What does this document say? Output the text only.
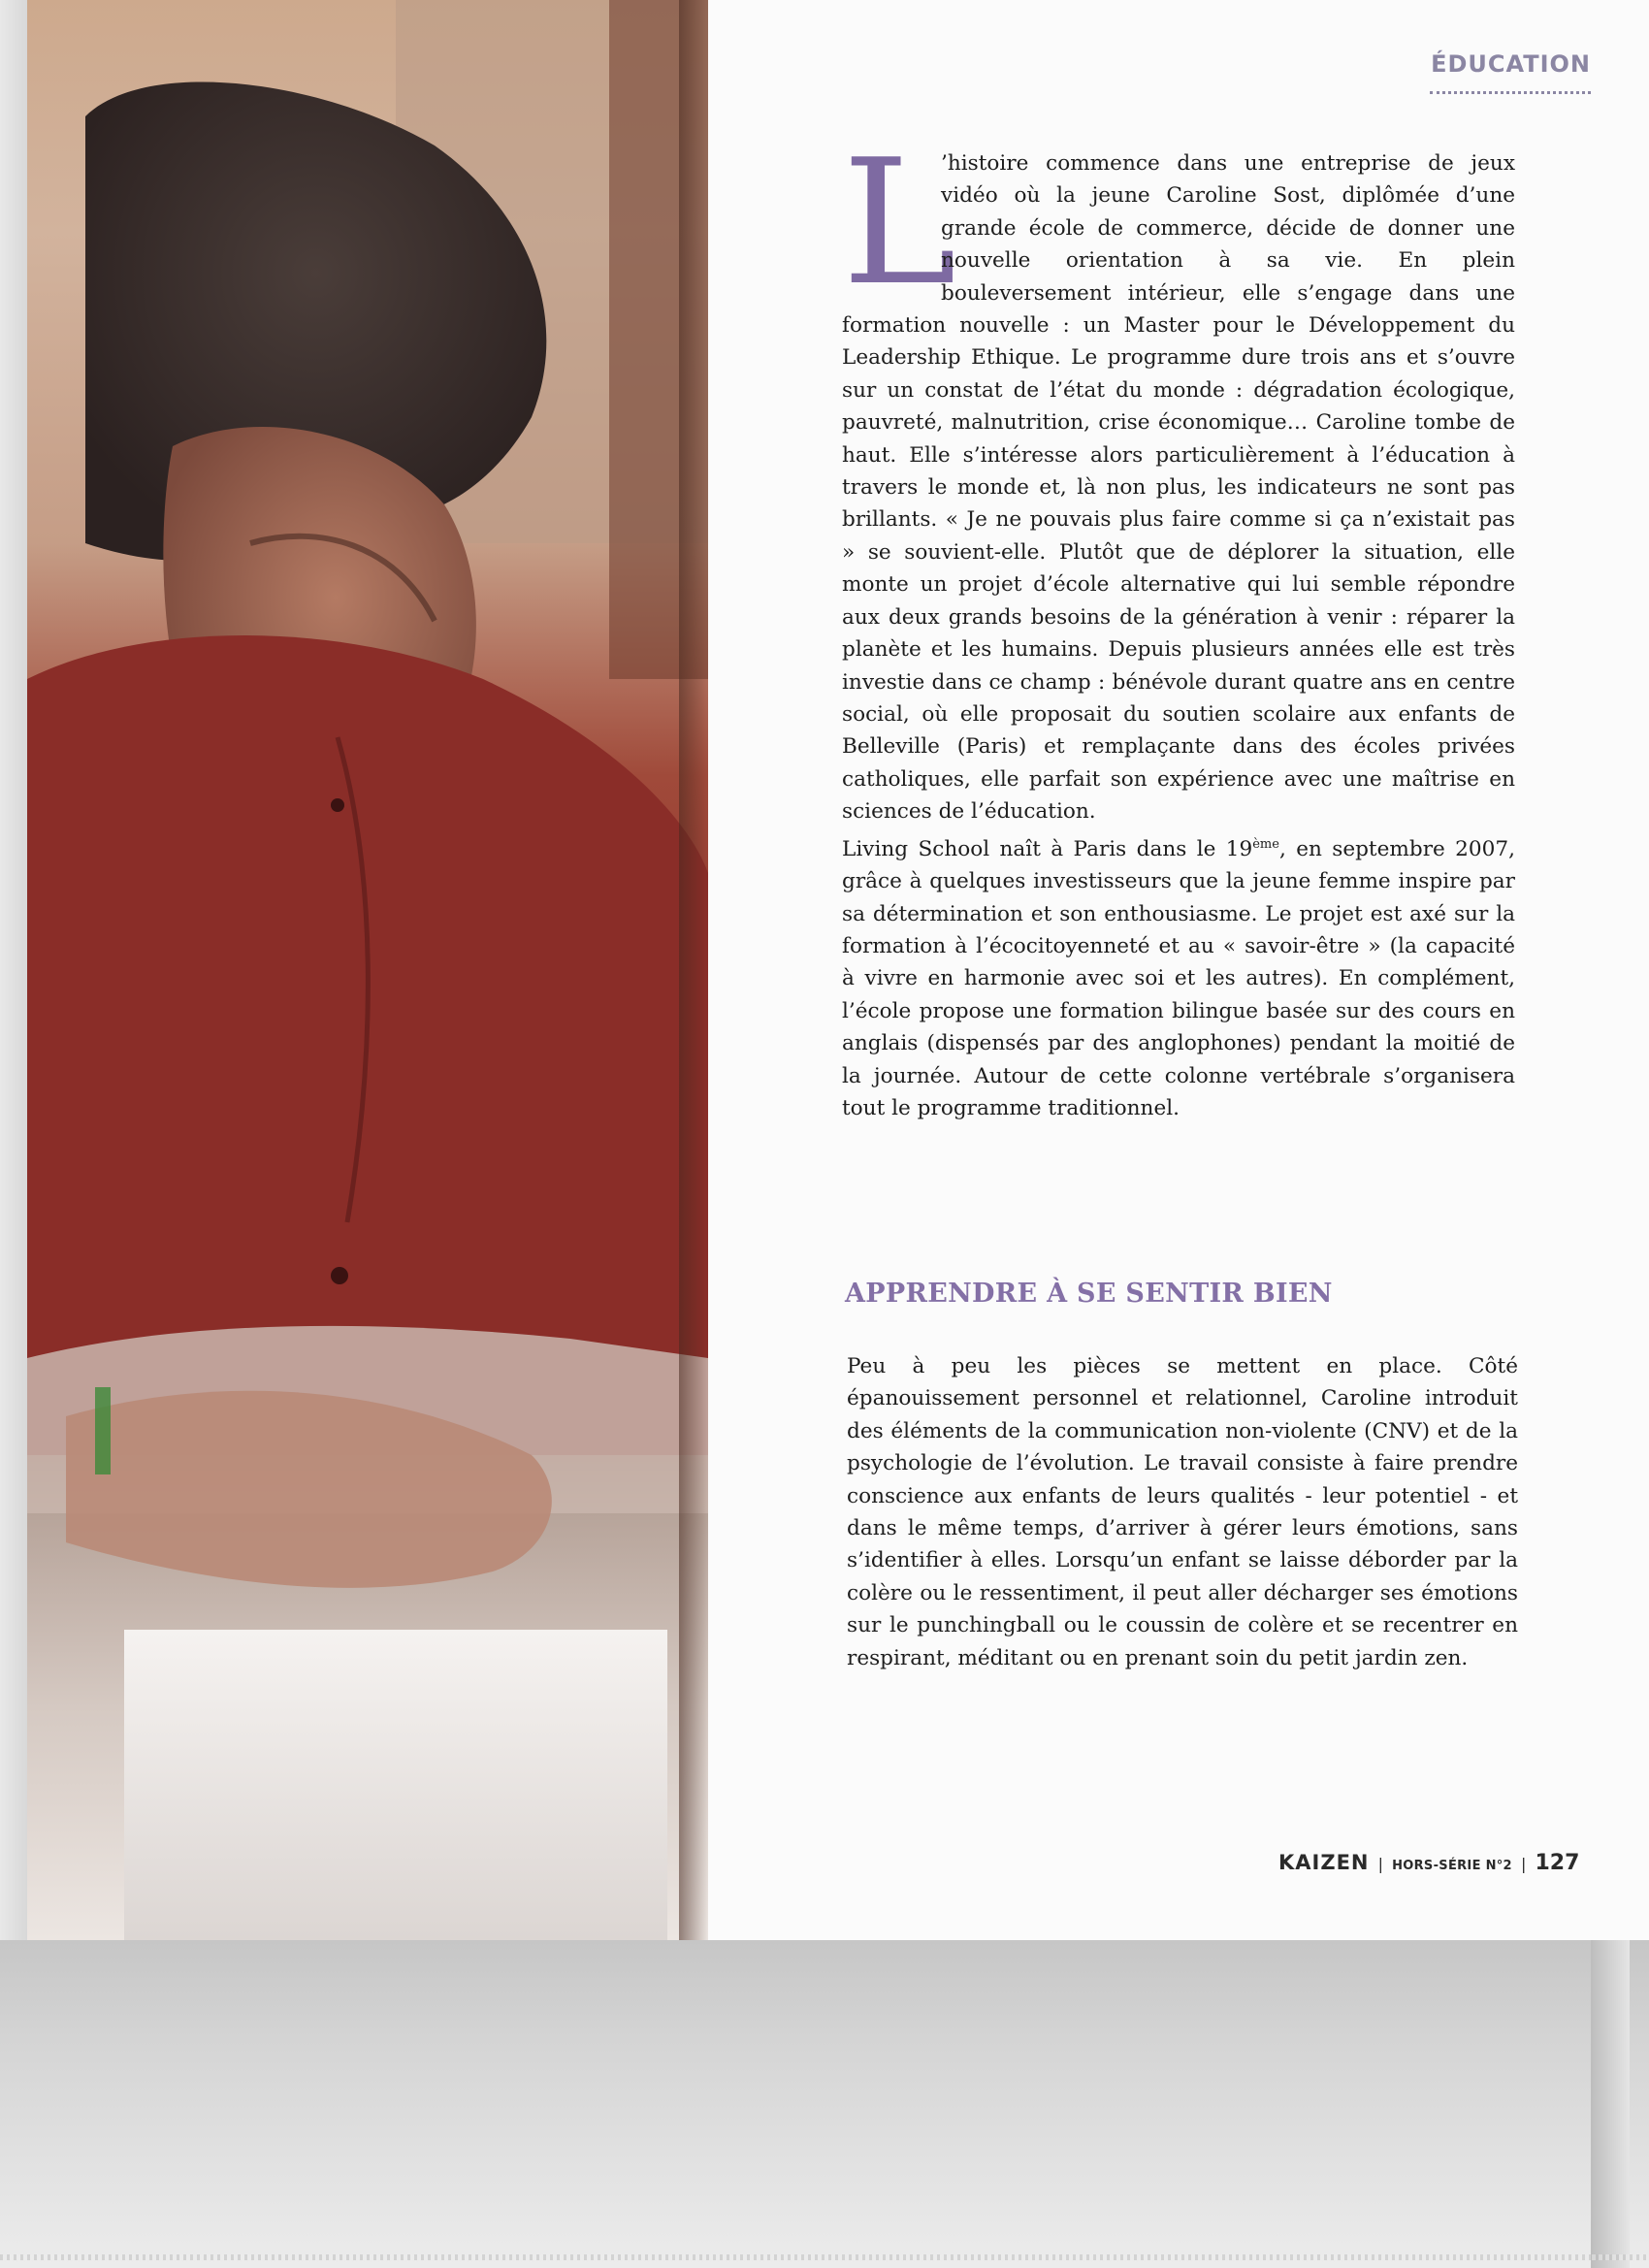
ÉDUCATION
L

’histoire commence dans une entreprise de jeux vidéo où la jeune Caroline Sost, diplômée d’une grande école de commerce, décide de donner une nouvelle orientation à sa vie. En plein bouleversement intérieur, elle s’engage dans une formation nouvelle : un Master pour le Développement du Leadership Ethique. Le programme dure trois ans et s’ouvre sur un constat de l’état du monde : dégradation écologique, pauvreté, malnutrition, crise économique… Caroline tombe de haut. Elle s’intéresse alors particulièrement à l’éducation à travers le monde et, là non plus, les indicateurs ne sont pas brillants. « Je ne pouvais plus faire comme si ça n’existait pas » se souvient-elle. Plutôt que de déplorer la situation, elle monte un projet d’école alternative qui lui semble répondre aux deux grands besoins de la génération à venir : réparer la planète et les humains. Depuis plusieurs années elle est très investie dans ce champ : bénévole durant quatre ans en centre social, où elle proposait du soutien scolaire aux enfants de Belleville (Paris) et remplaçante dans des écoles privées catholiques, elle parfait son expérience avec une maîtrise en sciences de l’éducation.

Living School naît à Paris dans le 19ème, en septembre 2007, grâce à quelques investisseurs que la jeune femme inspire par sa détermination et son enthousiasme. Le projet est axé sur la formation à l’écocitoyenneté et au « savoir-être » (la capacité à vivre en harmonie avec soi et les autres). En complément, l’école propose une formation bilingue basée sur des cours en anglais (dispensés par des anglophones) pendant la moitié de la journée. Autour de cette colonne vertébrale s’organisera tout le programme traditionnel.

APPRENDRE À SE SENTIR BIEN

Peu à peu les pièces se mettent en place. Côté épanouissement personnel et relationnel, Caroline introduit des éléments de la communication non-violente (CNV) et de la psychologie de l’évolution. Le travail consiste à faire prendre conscience aux enfants de leurs qualités - leur potentiel - et dans le même temps, d’arriver à gérer leurs émotions, sans s’identifier à elles. Lorsqu’un enfant se laisse déborder par la colère ou le ressentiment, il peut aller décharger ses émotions sur le punchingball ou le coussin de colère et se recentrer en respirant, méditant ou en prenant soin du petit jardin zen.

KAIZEN | HORS-SÉRIE N°2 | 127
